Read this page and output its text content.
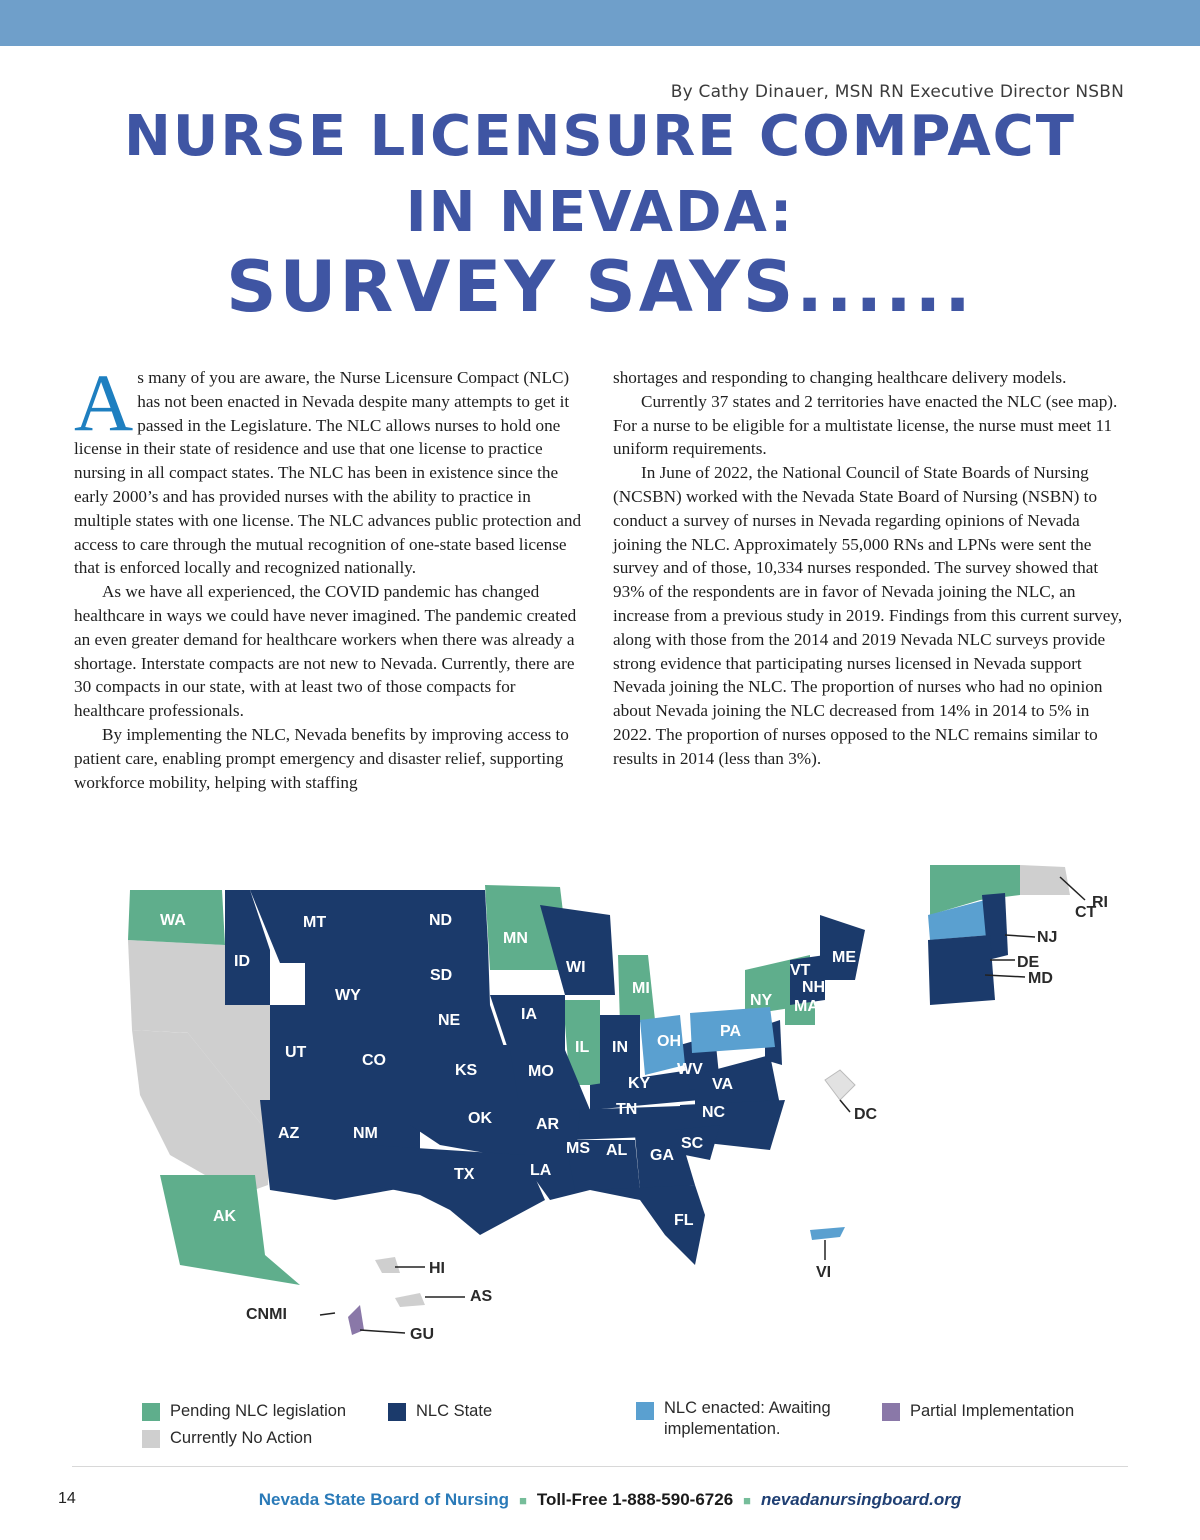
By Cathy Dinauer, MSN RN Executive Director NSBN
NURSE LICENSURE COMPACT
IN NEVADA:
SURVEY SAYS......

As many of you are aware, the Nurse Licensure Compact (NLC) has not been enacted in Nevada despite many attempts to get it passed in the Legislature. The NLC allows nurses to hold one license in their state of residence and use that one license to practice nursing in all compact states. The NLC has been in existence since the early 2000’s and has provided nurses with the ability to practice in multiple states with one license. The NLC advances public protection and access to care through the mutual recognition of one-state based license that is enforced locally and recognized nationally.

As we have all experienced, the COVID pandemic has changed healthcare in ways we could have never imagined. The pandemic created an even greater demand for healthcare workers when there was already a shortage. Interstate compacts are not new to Nevada. Currently, there are 30 compacts in our state, with at least two of those compacts for healthcare professionals.

By implementing the NLC, Nevada benefits by improving access to patient care, enabling prompt emergency and disaster relief, supporting workforce mobility, helping with staffing

shortages and responding to changing healthcare delivery models.

Currently 37 states and 2 territories have enacted the NLC (see map). For a nurse to be eligible for a multistate license, the nurse must meet 11 uniform requirements.

In June of 2022, the National Council of State Boards of Nursing (NCSBN) worked with the Nevada State Board of Nursing (NSBN) to conduct a survey of nurses in Nevada regarding opinions of Nevada joining the NLC. Approximately 55,000 RNs and LPNs were sent the survey and of those, 10,334 nurses responded. The survey showed that 93% of the respondents are in favor of Nevada joining the NLC, an increase from a previous study in 2019. Findings from this current survey, along with those from the 2014 and 2019 Nevada NLC surveys provide strong evidence that participating nurses licensed in Nevada support Nevada joining the NLC. The proportion of nurses who had no opinion about Nevada joining the NLC decreased from 14% in 2014 to 5% in 2022. The proportion of nurses opposed to the NLC remains similar to results in 2014 (less than 3%).

WA	MT	ND
MN
ID
WY
SD	WI
MI
NY
ME
VT
NH
MA
UT	CO
NE	IA
IL IN OH
PA
KS	MO
KY
WV
VA
AZ	NM
OK	AR
TN	NC
TX
MS AL GA
SC
LA
FL
AK
HI
AS
CNMI
GU
VI
DC
RI
CT
NJ
DE
MD
Pending NLC legislation	NLC State
Currently No Action
NLC enacted: Awaiting
implementation.
Partial Implementation
14	Nevada State Board of Nursing ■ Toll-Free 1-888-590-6726 ■ nevadanursingboard.org
